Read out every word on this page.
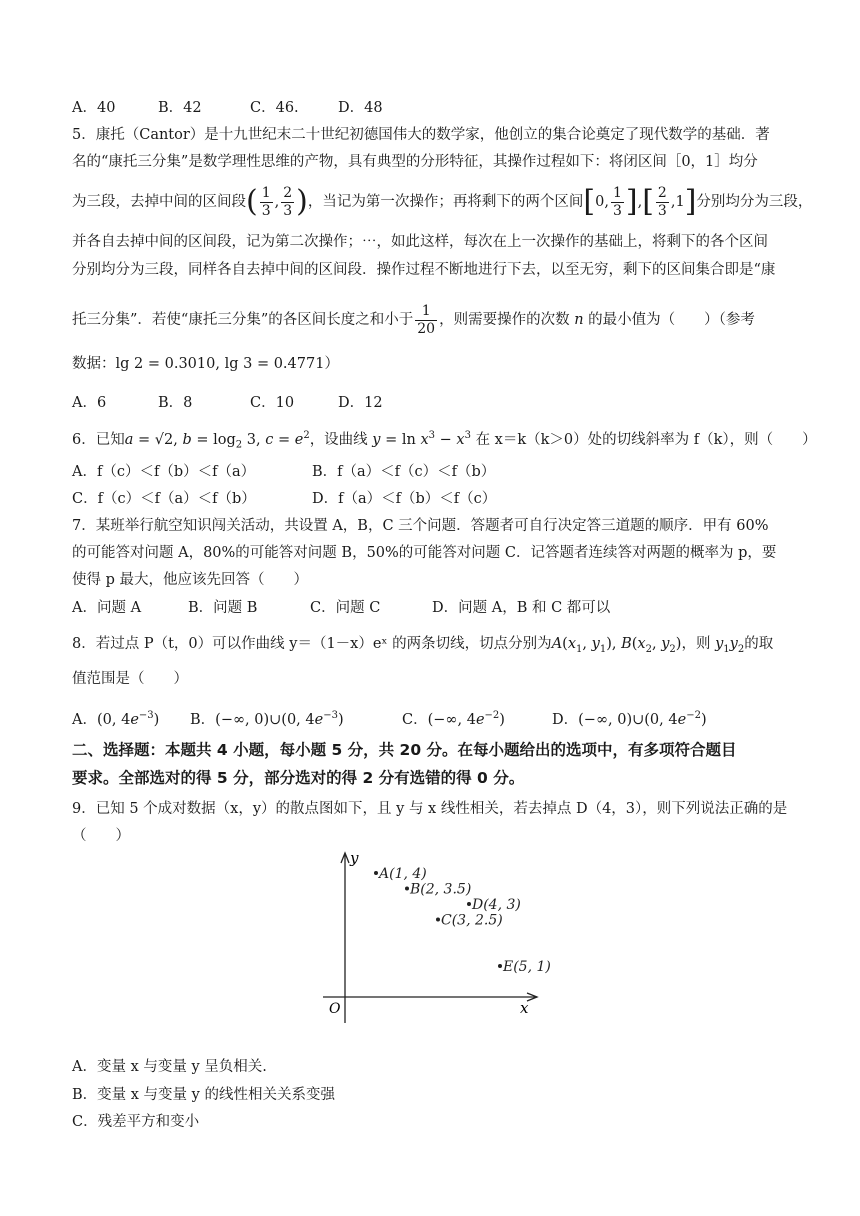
A．40	B．42	C．46.	D．48
5．康托（Cantor）是十九世纪末二十世纪初德国伟大的数学家，他创立的集合论奠定了现代数学的基础．著
名的“康托三分集”是数学理性思维的产物，具有典型的分形特征，其操作过程如下：将闭区间［0，1］均分
为三段，去掉中间的区间段( $\frac{1}{3}$ , $\frac{2}{3}$ )，当记为第一次操作；再将剩下的两个区间[0, $\frac{1}{3}$ ],[ $\frac{2}{3} ,1$]分别均分为三段，
并各自去掉中间的区间段，记为第二次操作；⋯，如此这样，每次在上一次操作的基础上，将剩下的各个区间
分别均分为三段，同样各自去掉中间的区间段．操作过程不断地进行下去，以至无穷，剩下的区间集合即是“康
托三分集”．若使“康托三分集”的各区间长度之和小于 $\frac{1}{20}$ ，则需要操作的次数 n 的最小值为（　　）（参考
数据：lg 2 = 0.3010, lg 3 = 0.4771）
A．6	B．8	C．10	D．12
6．已知a = √2, $b = \log_2 3$, $c = e^2$，设曲线 $y = \ln x^3 - x^3$ 在 x＝k（k＞0）处的切线斜率为 f（k），则（　　）
A．f（c）＜f（b）＜f（a）	B．f（a）＜f（c）＜f（b）
C．f（c）＜f（a）＜f（b）	D．f（a）＜f（b）＜f（c）
7．某班举行航空知识闯关活动，共设置 A，B，C 三个问题．答题者可自行决定答三道题的顺序．甲有 60%
的可能答对问题 A，80%的可能答对问题 B，50%的可能答对问题 C．记答题者连续答对两题的概率为 p，要
使得 p 最大，他应该先回答（　　）
A．问题 A	B．问题 B	C．问题 C	D．问题 A，B 和 C 都可以
8．若过点 P（t，0）可以作曲线 y＝（1－x）eˣ 的两条切线，切点分别为$A(x_1$, $y_1$), $B(x_2$, $y_2$)，则 $y_1y_2$的取
值范围是（　　）
A．(0, $4e^{-3}$) B．(−∞, 0)∪(0, $4e^{-3}$)	C．(−∞, $4e^{-2}$)	D．(−∞, 0)∪(0, $4e^{-2}$)
二、选择题：本题共 4 小题，每小题 5 分，共 20 分。在每小题给出的选项中，有多项符合题目
要求。全部选对的得 5 分，部分选对的得 2 分有选错的得 0 分。
9．已知 5 个成对数据（x，y）的散点图如下，且 y 与 x 线性相关，若去掉点 D（4，3），则下列说法正确的是
（　　）
y
x
O
A(1, 4)
B(2, 3.5)
C(3, 2.5)
D(4, 3)
E(5, 1)
A．变量 x 与变量 y 呈负相关.
B．变量 x 与变量 y 的线性相关关系变强
C．残差平方和变小
